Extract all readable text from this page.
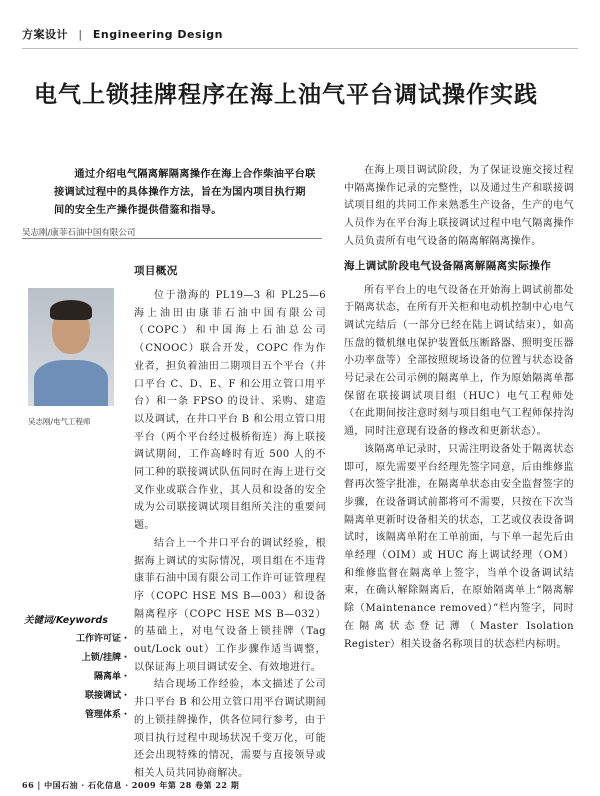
方案设计 | Engineering Design
电气上锁挂牌程序在海上油气平台调试操作实践
通过介绍电气隔离解隔离操作在海上合作柴油平台联接调试过程中的具体操作方法，旨在为国内项目执行期间的安全生产操作提供借鉴和指导。
吴志刚/康菲石油中国有限公司
吴志刚/电气工程师
关键词/Keywords
工作许可证・
上锁/挂牌・
隔离单・
联接调试・
管理体系・

项目概况

位于渤海的 PL19—3 和 PL25—6 海上油田由康菲石油中国有限公司（COPC）和中国海上石油总公司（CNOOC）联合开发，COPC 作为作业者，担负着油田二期项目五个平台（井口平台 C、D、E、F 和公用立管口用平台）和一条 FPSO 的设计、采购、建造以及调试，在井口平台 B 和公用立管口用平台（两个平台经过极桥衔连）海上联接调试期间，工作高峰时有近 500 人的不同工种的联接调试队伍同时在海上进行交叉作业或联合作业，其人员和设备的安全成为公司联接调试项目组所关注的重要问题。

结合上一个井口平台的调试经验，根据海上调试的实际情况，项目组在不违背康菲石油中国有限公司工作许可证管理程序（COPC HSE MS B—003）和设备隔离程序（COPC HSE MS B—032）的基础上，对电气设备上锁挂牌（Tag out/Lock out）工作步骤作适当调整，以保证海上项目调试安全、有效地进行。

结合现场工作经验，本文描述了公司井口平台 B 和公用立管口用平台调试期间的上锁挂牌操作，供各位同行参考，由于项目执行过程中现场状况千变万化，可能还会出现特殊的情况，需要与直接领导或相关人员共同协商解决。

在海上项目调试阶段，为了保证设施交接过程中隔离操作记录的完整性，以及通过生产和联接调试项目组的共同工作来熟悉生产设备，生产的电气人员作为在平台海上联接调试过程中电气隔离操作人员负责所有电气设备的隔离解隔离操作。

海上调试阶段电气设备隔离解隔离实际操作

所有平台上的电气设备在开始海上调试前都处于隔离状态，在所有开关柜和电动机控制中心电气调试完结后（一部分已经在陆上调试结束），如高压盘的微机继电保护装置低压断路器、照明变压器小功率盘等）全部按照规场设备的位置与状态设备号记录在公司示例的隔离单上，作为原始隔离单都保留在联接调试项目组（HUC）电气工程师处（在此期间按注意时刻与项目组电气工程师保持沟通，同时注意现有设备的修改和更新状态）。

该隔离单记录时，只需注明设备处于隔离状态即可，原先需要平台经理先签字同意，后由维修监督再次签字批准，在隔离单状态由安全监督签字的步骤，在设备调试前都将可不需要，只按在下次当隔离单更新时设备相关的状态，工艺或仪表设备调试时，该隔离单附在工单前面，与下单一起先后由单经理（OIM）或 HUC 海上调试经理（OM）和维修监督在隔离单上签字，当单个设备调试结束，在确认解除隔离后，在原始隔离单上“隔离解除（Maintenance removed）”栏内签字，同时在隔离状态登记薄（Master Isolation Register）相关设备名称项目的状态栏内标明。

66 | 中国石油 · 石化信息 · 2009 年第 28 卷第 22 期
